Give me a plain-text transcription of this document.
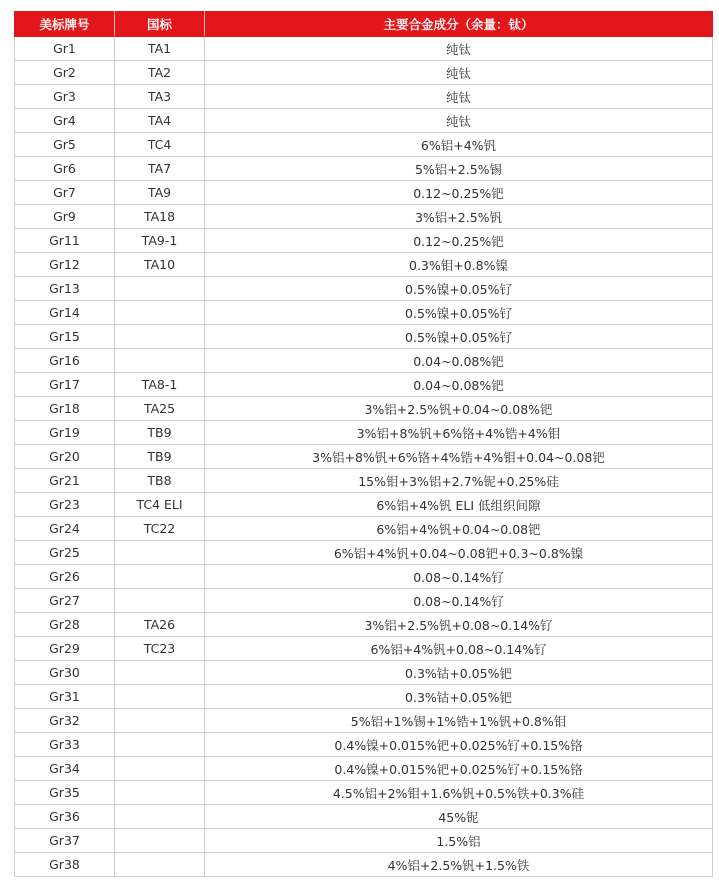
美标牌号	国标	主要合金成分（余量：钛）
Gr1	TA1	纯钛
Gr2	TA2	纯钛
Gr3	TA3	纯钛
Gr4	TA4	纯钛
Gr5	TC4	6%铝+4%钒
Gr6	TA7	5%铝+2.5%锡
Gr7	TA9	0.12~0.25%钯
Gr9	TA18	3%铝+2.5%钒
Gr11	TA9-1	0.12~0.25%钯
Gr12	TA10	0.3%钼+0.8%镍
Gr13		0.5%镍+0.05%钌
Gr14		0.5%镍+0.05%钌
Gr15		0.5%镍+0.05%钌
Gr16		0.04~0.08%钯
Gr17	TA8-1	0.04~0.08%钯
Gr18	TA25	3%铝+2.5%钒+0.04~0.08%钯
Gr19	TB9	3%铝+8%钒+6%铬+4%锆+4%钼
Gr20	TB9	3%铝+8%钒+6%铬+4%锆+4%钼+0.04~0.08钯
Gr21	TB8	15%钼+3%铝+2.7%铌+0.25%硅
Gr23	TC4 ELI	6%铝+4%钒 ELI 低组织间隙
Gr24	TC22	6%铝+4%钒+0.04~0.08钯
Gr25		6%铝+4%钒+0.04~0.08钯+0.3~0.8%镍
Gr26		0.08~0.14%钌
Gr27		0.08~0.14%钌
Gr28	TA26	3%铝+2.5%钒+0.08~0.14%钌
Gr29	TC23	6%铝+4%钒+0.08~0.14%钌
Gr30		0.3%钴+0.05%钯
Gr31		0.3%钴+0.05%钯
Gr32		5%铝+1%锡+1%锆+1%钒+0.8%钼
Gr33		0.4%镍+0.015%钯+0.025%钌+0.15%铬
Gr34		0.4%镍+0.015%钯+0.025%钌+0.15%铬
Gr35		4.5%铝+2%钼+1.6%钒+0.5%铁+0.3%硅
Gr36		45%铌
Gr37		1.5%铝
Gr38		4%铝+2.5%钒+1.5%铁
